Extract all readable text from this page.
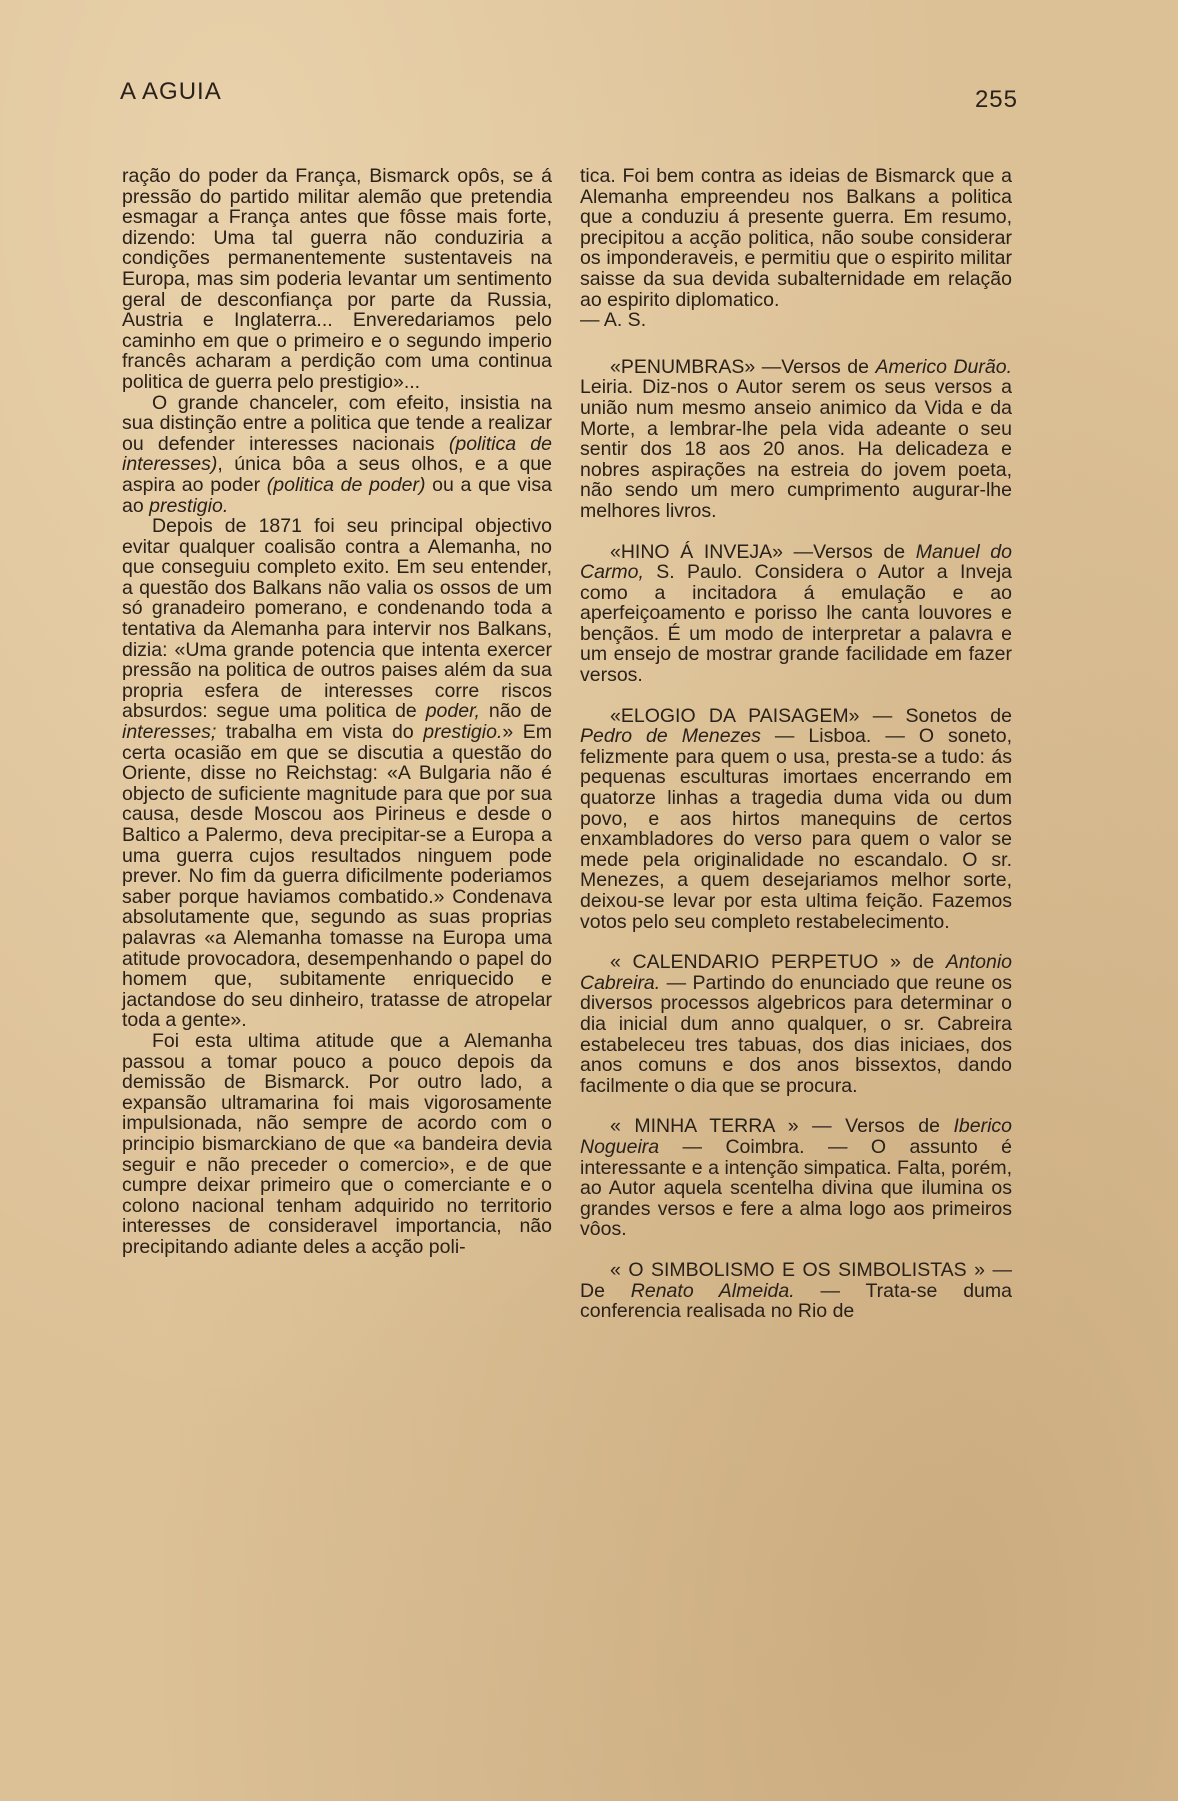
A AGUIA	255

ração do poder da França, Bismarck opôs, se á pressão do partido militar alemão que pretendia esmagar a França antes que fôsse mais forte, dizendo: Uma tal guerra não conduziria a condições permanentemente sustentaveis na Europa, mas sim poderia levantar um sentimento geral de desconfiança por parte da Russia, Austria e Inglaterra... Enveredariamos pelo caminho em que o primeiro e o segundo imperio francês acharam a perdição com uma continua politica de guerra pelo prestigio»...

O grande chanceler, com efeito, insistia na sua distinção entre a politica que tende a realizar ou defender interesses nacionais (politica de interesses), única bôa a seus olhos, e a que aspira ao poder (politica de poder) ou a que visa ao prestigio.

Depois de 1871 foi seu principal objectivo evitar qualquer coalisão contra a Alemanha, no que conseguiu completo exito. Em seu entender, a questão dos Balkans não valia os ossos de um só granadeiro pomerano, e condenando toda a tentativa da Alemanha para intervir nos Balkans, dizia: «Uma grande potencia que intenta exercer pressão na politica de outros paises além da sua propria esfera de interesses corre riscos absurdos: segue uma politica de poder, não de interesses; trabalha em vista do prestigio.» Em certa ocasião em que se discutia a questão do Oriente, disse no Reichstag: «A Bulgaria não é objecto de suficiente magnitude para que por sua causa, desde Moscou aos Pirineus e desde o Baltico a Palermo, deva precipitar-se a Europa a uma guerra cujos resultados ninguem pode prever. No fim da guerra dificilmente poderiamos saber porque haviamos combatido.» Condenava absolutamente que, segundo as suas proprias palavras «a Alemanha tomasse na Europa uma atitude provocadora, desempenhando o papel do homem que, subitamente enriquecido e jactandose do seu dinheiro, tratasse de atropelar toda a gente».

Foi esta ultima atitude que a Alemanha passou a tomar pouco a pouco depois da demissão de Bismarck. Por outro lado, a expansão ultramarina foi mais vigorosamente impulsionada, não sempre de acordo com o principio bismarckiano de que «a bandeira devia seguir e não preceder o comercio», e de que cumpre deixar primeiro que o comerciante e o colono nacional tenham adquirido no territorio interesses de consideravel importancia, não precipitando adiante deles a acção poli-

tica. Foi bem contra as ideias de Bismarck que a Alemanha empreendeu nos Balkans a politica que a conduziu á presente guerra. Em resumo, precipitou a acção politica, não soube considerar os imponderaveis, e permitiu que o espirito militar saisse da sua devida subalternidade em relação ao espirito diplomatico.
— A. S.

«PENUMBRAS» —Versos de Americo Durão. Leiria. Diz-nos o Autor serem os seus versos a união num mesmo anseio animico da Vida e da Morte, a lembrar-lhe pela vida adeante o seu sentir dos 18 aos 20 anos. Ha delicadeza e nobres aspirações na estreia do jovem poeta, não sendo um mero cumprimento augurar-lhe melhores livros.

«HINO Á INVEJA» —Versos de Manuel do Carmo, S. Paulo. Considera o Autor a Inveja como a incitadora á emulação e ao aperfeiçoamento e porisso lhe canta louvores e bençãos. É um modo de interpretar a palavra e um ensejo de mostrar grande facilidade em fazer versos.

«ELOGIO DA PAISAGEM» — Sonetos de Pedro de Menezes — Lisboa. — O soneto, felizmente para quem o usa, presta-se a tudo: ás pequenas esculturas imortaes encerrando em quatorze linhas a tragedia duma vida ou dum povo, e aos hirtos manequins de certos enxambladores do verso para quem o valor se mede pela originalidade no escandalo. O sr. Menezes, a quem desejariamos melhor sorte, deixou-se levar por esta ultima feição. Fazemos votos pelo seu completo restabelecimento.

« CALENDARIO PERPETUO » de Antonio Cabreira. — Partindo do enunciado que reune os diversos processos algebricos para determinar o dia inicial dum anno qualquer, o sr. Cabreira estabeleceu tres tabuas, dos dias iniciaes, dos anos comuns e dos anos bissextos, dando facilmente o dia que se procura.

« MINHA TERRA » — Versos de Iberico Nogueira — Coimbra. — O assunto é interessante e a intenção simpatica. Falta, porém, ao Autor aquela scentelha divina que ilumina os grandes versos e fere a alma logo aos primeiros vôos.

« O SIMBOLISMO E OS SIMBOLISTAS » — De Renato Almeida. — Trata-se duma conferencia realisada no Rio de
